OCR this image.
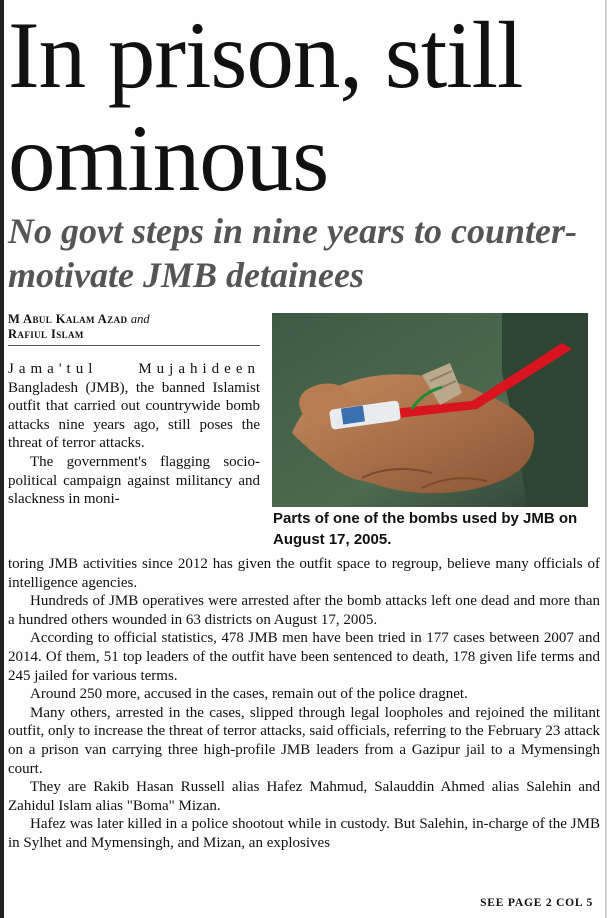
In prison, still ominous
No govt steps in nine years to counter-motivate JMB detainees
M Abul Kalam Azad and
Rafiul Islam

Parts of one of the bombs used by JMB on August 17, 2005.

Jama'tul Mujahideen Bangladesh (JMB), the banned Islamist outfit that carried out countrywide bomb attacks nine years ago, still poses the threat of terror attacks.

The government's flagging socio-political campaign against militancy and slackness in moni-

toring JMB activities since 2012 has given the outfit space to regroup, believe many officials of intelligence agencies.

Hundreds of JMB operatives were arrested after the bomb attacks left one dead and more than a hundred others wounded in 63 districts on August 17, 2005.

According to official statistics, 478 JMB men have been tried in 177 cases between 2007 and 2014. Of them, 51 top leaders of the outfit have been sentenced to death, 178 given life terms and 245 jailed for various terms.

Around 250 more, accused in the cases, remain out of the police dragnet.

Many others, arrested in the cases, slipped through legal loopholes and rejoined the militant outfit, only to increase the threat of terror attacks, said officials, referring to the February 23 attack on a prison van carrying three high-profile JMB leaders from a Gazipur jail to a Mymensingh court.

They are Rakib Hasan Russell alias Hafez Mahmud, Salauddin Ahmed alias Salehin and Zahidul Islam alias "Boma" Mizan.

Hafez was later killed in a police shootout while in custody. But Salehin, in-charge of the JMB in Sylhet and Mymensingh, and Mizan, an explosives

SEE PAGE 2 COL 5
